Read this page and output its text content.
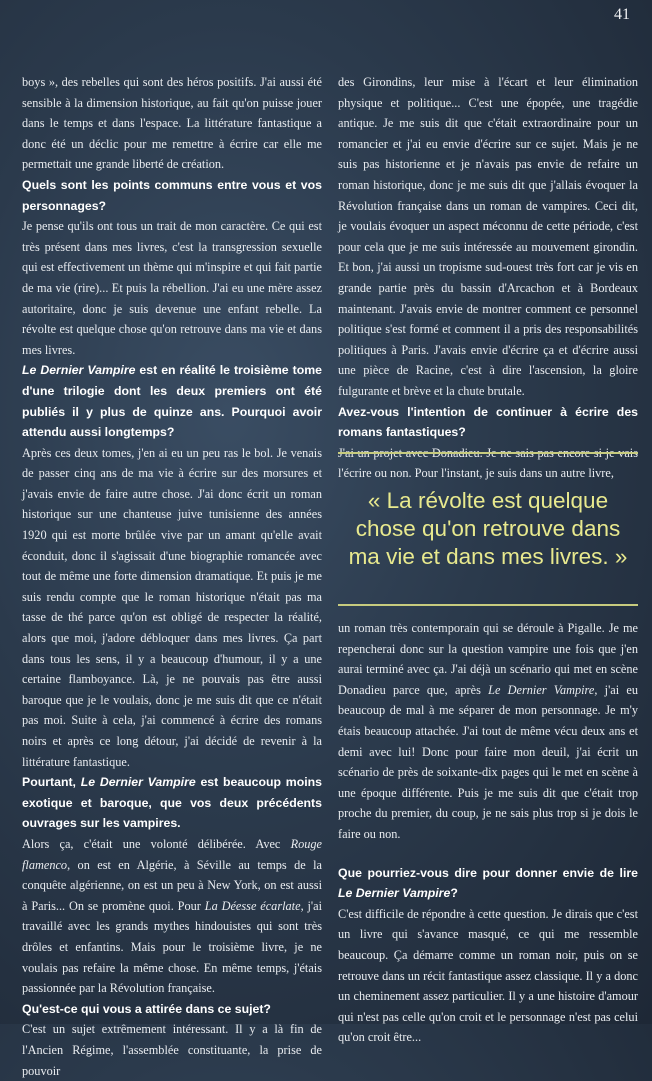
41

boys », des rebelles qui sont des héros positifs. J'ai aussi été sensible à la dimension historique, au fait qu'on puisse jouer dans le temps et dans l'espace. La littérature fantastique a donc été un déclic pour me remettre à écrire car elle me permettait une grande liberté de création.

Quels sont les points communs entre vous et vos personnages?

Je pense qu'ils ont tous un trait de mon caractère. Ce qui est très présent dans mes livres, c'est la transgression sexuelle qui est effectivement un thème qui m'inspire et qui fait partie de ma vie (rire)... Et puis la rébellion. J'ai eu une mère assez autoritaire, donc je suis devenue une enfant rebelle. La révolte est quelque chose qu'on retrouve dans ma vie et dans mes livres.

Le Dernier Vampire est en réalité le troisième tome d'une trilogie dont les deux premiers ont été publiés il y plus de quinze ans. Pourquoi avoir attendu aussi longtemps?

Après ces deux tomes, j'en ai eu un peu ras le bol. Je venais de passer cinq ans de ma vie à écrire sur des morsures et j'avais envie de faire autre chose. J'ai donc écrit un roman historique sur une chanteuse juive tunisienne des années 1920 qui est morte brûlée vive par un amant qu'elle avait éconduit, donc il s'agissait d'une biographie romancée avec tout de même une forte dimension dramatique. Et puis je me suis rendu compte que le roman historique n'était pas ma tasse de thé parce qu'on est obligé de respecter la réalité, alors que moi, j'adore débloquer dans mes livres. Ça part dans tous les sens, il y a beaucoup d'humour, il y a une certaine flamboyance. Là, je ne pouvais pas être aussi baroque que je le voulais, donc je me suis dit que ce n'était pas moi. Suite à cela, j'ai commencé à écrire des romans noirs et après ce long détour, j'ai décidé de revenir à la littérature fantastique.

Pourtant, Le Dernier Vampire est beaucoup moins exotique et baroque, que vos deux précédents ouvrages sur les vampires.

Alors ça, c'était une volonté délibérée. Avec Rouge flamenco, on est en Algérie, à Séville au temps de la conquête algérienne, on est un peu à New York, on est aussi à Paris... On se promène quoi. Pour La Déesse écarlate, j'ai travaillé avec les grands mythes hindouistes qui sont très drôles et enfantins. Mais pour le troisième livre, je ne voulais pas refaire la même chose. En même temps, j'étais passionnée par la Révolution française.

Qu'est-ce qui vous a attirée dans ce sujet?

C'est un sujet extrêmement intéressant. Il y a là fin de l'Ancien Régime, l'assemblée constituante, la prise de pouvoir

des Girondins, leur mise à l'écart et leur élimination physique et politique... C'est une épopée, une tragédie antique. Je me suis dit que c'était extraordinaire pour un romancier et j'ai eu envie d'écrire sur ce sujet. Mais je ne suis pas historienne et je n'avais pas envie de refaire un roman historique, donc je me suis dit que j'allais évoquer la Révolution française dans un roman de vampires. Ceci dit, je voulais évoquer un aspect méconnu de cette période, c'est pour cela que je me suis intéressée au mouvement girondin. Et bon, j'ai aussi un tropisme sud-ouest très fort car je vis en grande partie près du bassin d'Arcachon et à Bordeaux maintenant. J'avais envie de montrer comment ce personnel politique s'est formé et comment il a pris des responsabilités politiques à Paris. J'avais envie d'écrire ça et d'écrire aussi une pièce de Racine, c'est à dire l'ascension, la gloire fulgurante et brève et la chute brutale.

Avez-vous l'intention de continuer à écrire des romans fantastiques?

J'ai un projet avec Donadieu. Je ne sais pas encore si je vais l'écrire ou non. Pour l'instant, je suis dans un autre livre,

« La révolte est quelque chose qu'on retrouve dans ma vie et dans mes livres. »

un roman très contemporain qui se déroule à Pigalle. Je me repencherai donc sur la question vampire une fois que j'en aurai terminé avec ça. J'ai déjà un scénario qui met en scène Donadieu parce que, après Le Dernier Vampire, j'ai eu beaucoup de mal à me séparer de mon personnage. Je m'y étais beaucoup attachée. J'ai tout de même vécu deux ans et demi avec lui! Donc pour faire mon deuil, j'ai écrit un scénario de près de soixante-dix pages qui le met en scène à une époque différente. Puis je me suis dit que c'était trop proche du premier, du coup, je ne sais plus trop si je dois le faire ou non.

Que pourriez-vous dire pour donner envie de lire Le Dernier Vampire?

C'est difficile de répondre à cette question. Je dirais que c'est un livre qui s'avance masqué, ce qui me ressemble beaucoup. Ça démarre comme un roman noir, puis on se retrouve dans un récit fantastique assez classique. Il y a donc un cheminement assez particulier. Il y a une histoire d'amour qui n'est pas celle qu'on croit et le personnage n'est pas celui qu'on croit être...
